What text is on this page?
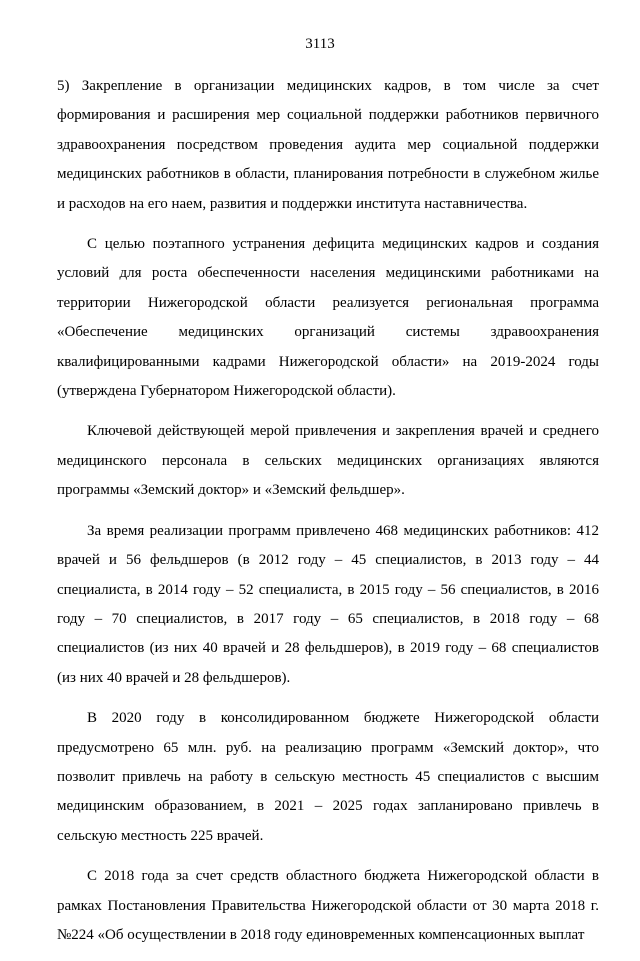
3113

5) Закрепление в организации медицинских кадров, в том числе за счет формирования и расширения мер социальной поддержки работников первичного здравоохранения посредством проведения аудита мер социальной поддержки медицинских работников в области, планирования потребности в служебном жилье и расходов на его наем, развития и поддержки института наставничества.

С целью поэтапного устранения дефицита медицинских кадров и создания условий для роста обеспеченности населения медицинскими работниками на территории Нижегородской области реализуется региональная программа «Обеспечение медицинских организаций системы здравоохранения квалифицированными кадрами Нижегородской области» на 2019-2024 годы (утверждена Губернатором Нижегородской области).

Ключевой действующей мерой привлечения и закрепления врачей и среднего медицинского персонала в сельских медицинских организациях являются программы «Земский доктор» и «Земский фельдшер».

За время реализации программ привлечено 468 медицинских работников: 412 врачей и 56 фельдшеров (в 2012 году – 45 специалистов, в 2013 году – 44 специалиста, в 2014 году – 52 специалиста, в 2015 году – 56 специалистов, в 2016 году – 70 специалистов, в 2017 году – 65 специалистов, в 2018 году – 68 специалистов (из них 40 врачей и 28 фельдшеров), в 2019 году – 68 специалистов (из них 40 врачей и 28 фельдшеров).

В 2020 году в консолидированном бюджете Нижегородской области предусмотрено 65 млн. руб. на реализацию программ «Земский доктор», что позволит привлечь на работу в сельскую местность 45 специалистов с высшим медицинским образованием, в 2021 – 2025 годах запланировано привлечь в сельскую местность 225 врачей.

С 2018 года за счет средств областного бюджета Нижегородской области в рамках Постановления Правительства Нижегородской области от 30 марта 2018 г. №224 «Об осуществлении в 2018 году единовременных компенсационных выплат
